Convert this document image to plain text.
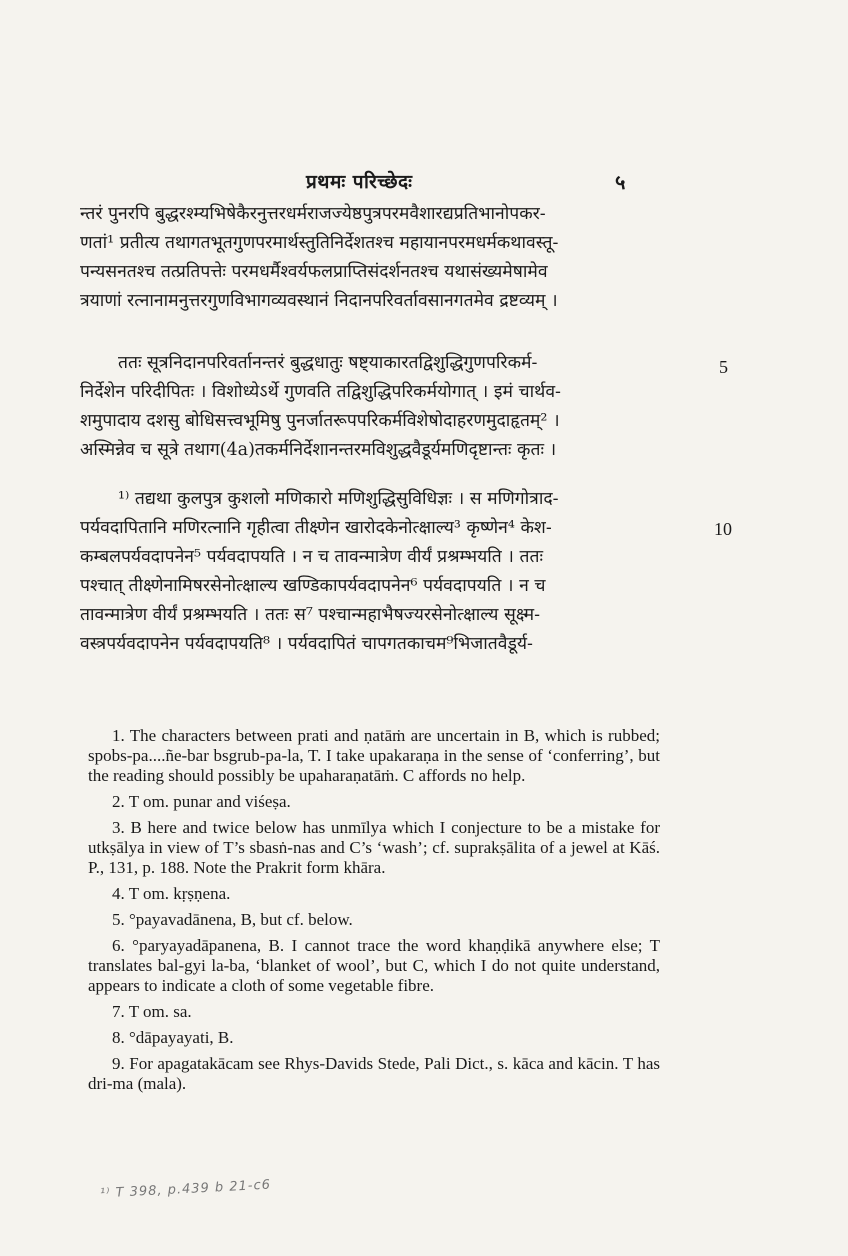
प्रथमः परिच्छेदः	५
न्तरं पुनरपि बुद्धरश्म्यभिषेकैरनुत्तरधर्मराजज्येष्ठपुत्रपरमवैशारद्यप्रतिभानोपकर-
णतां¹ प्रतीत्य तथागतभूतगुणपरमार्थस्तुतिनिर्देशतश्च महायानपरमधर्मकथावस्तू-
पन्यसनतश्च तत्प्रतिपत्तेः परमधर्मैश्वर्यफलप्राप्तिसंदर्शनतश्च यथासंख्यमेषामेव
त्रयाणां रत्नानामनुत्तरगुणविभागव्यवस्थानं निदानपरिवर्तावसानगतमेव द्रष्टव्यम् ।
ततः सूत्रनिदानपरिवर्तानन्तरं बुद्धधातुः षष्ट्याकारतद्विशुद्धिगुणपरिकर्म-
निर्देशेन परिदीपितः । विशोध्येऽर्थे गुणवति तद्विशुद्धिपरिकर्मयोगात् । इमं चार्थव-
शमुपादाय दशसु बोधिसत्त्वभूमिषु पुनर्जातरूपपरिकर्मविशेषोदाहरणमुदाहृतम्² ।
अस्मिन्नेव च सूत्रे तथाग(4a)तकर्मनिर्देशानन्तरमविशुद्धवैडूर्यमणिदृष्टान्तः कृतः ।
¹⁾ तद्यथा कुलपुत्र कुशलो मणिकारो मणिशुद्धिसुविधिज्ञः । स मणिगोत्राद-
पर्यवदापितानि मणिरत्नानि गृहीत्वा तीक्ष्णेन खारोदकेनोत्क्षाल्य³ कृष्णेन⁴ केश-
कम्बलपर्यवदापनेन⁵ पर्यवदापयति । न च तावन्मात्रेण वीर्यं प्रश्रम्भयति । ततः
पश्चात् तीक्ष्णेनामिषरसेनोत्क्षाल्य खण्डिकापर्यवदापनेन⁶ पर्यवदापयति । न च
तावन्मात्रेण वीर्यं प्रश्रम्भयति । ततः स⁷ पश्चान्महाभैषज्यरसेनोत्क्षाल्य सूक्ष्म-
वस्त्रपर्यवदापनेन पर्यवदापयति⁸ । पर्यवदापितं चापगतकाचम⁹भिजातवैडूर्य-
5
10

1. The characters between prati and ṇatāṁ are uncertain in B, which is rubbed; spobs-pa....ñe-bar bsgrub-pa-la, T. I take upakaraṇa in the sense of ‘conferring’, but the reading should possibly be upaharaṇatāṁ. C affords no help.

2. T om. punar and viśeṣa.

3. B here and twice below has unmīlya which I conjecture to be a mistake for utkṣālya in view of T’s sbasṅ-nas and C’s ‘wash’; cf. suprakṣālita of a jewel at Kāś. P., 131, p. 188. Note the Prakrit form khāra.

4. T om. kṛṣṇena.

5. °payavadānena, B, but cf. below.

6. °paryayadāpanena, B. I cannot trace the word khaṇḍikā anywhere else; T translates bal-gyi la-ba, ‘blanket of wool’, but C, which I do not quite understand, appears to indicate a cloth of some vegetable fibre.

7. T om. sa.

8. °dāpayayati, B.

9. For apagatakācam see Rhys-Davids Stede, Pali Dict., s. kāca and kācin. T has dri-ma (mala).

¹⁾ T 398, p.439 b 21-c6
